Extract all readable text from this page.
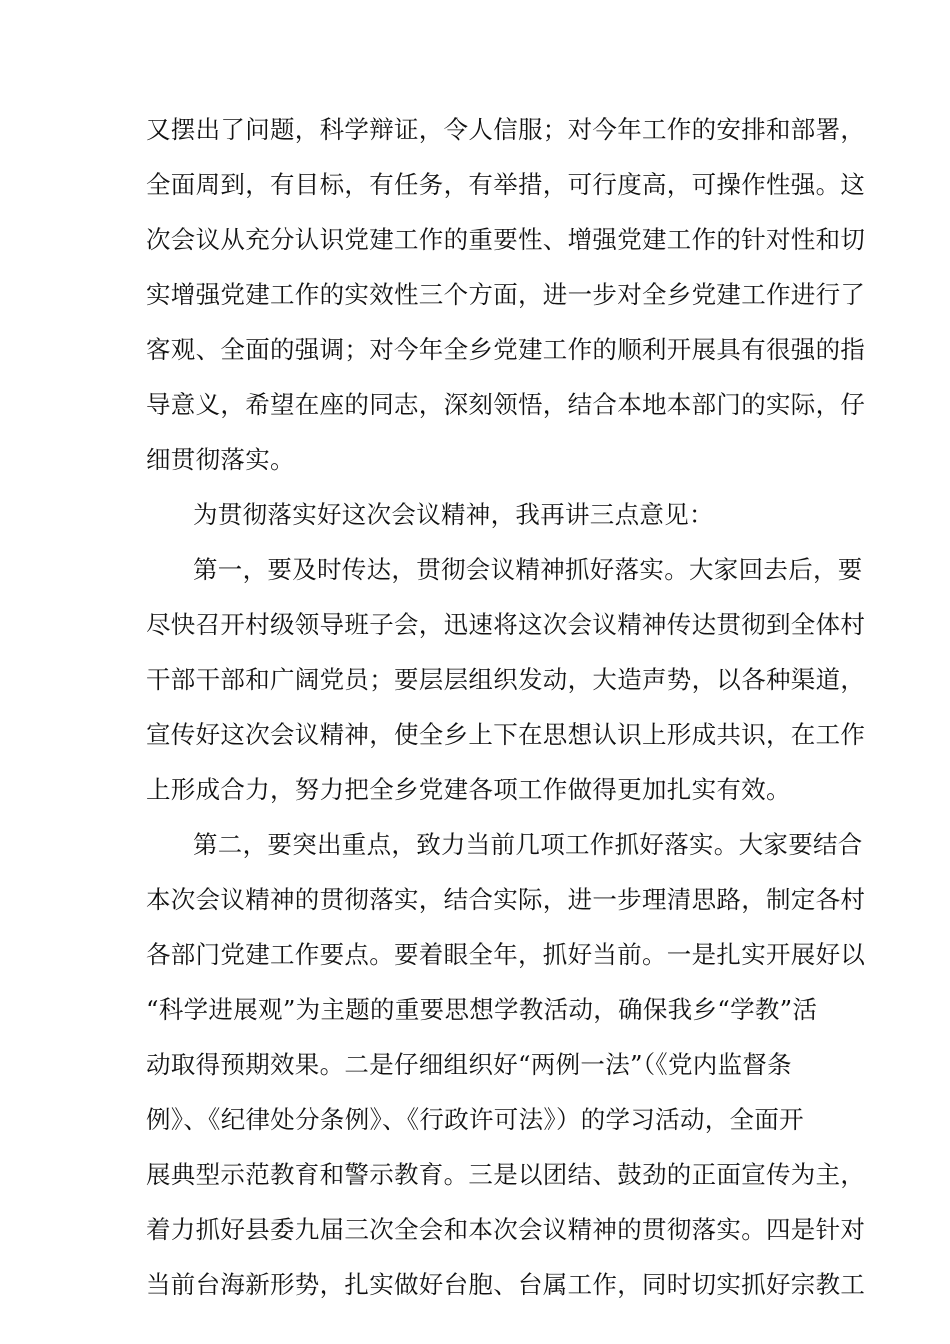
又摆出了问题，科学辩证，令人信服；对今年工作的安排和部署，
全面周到，有目标，有任务，有举措，可行度高，可操作性强。这
次会议从充分认识党建工作的重要性、增强党建工作的针对性和切
实增强党建工作的实效性三个方面，进一步对全乡党建工作进行了
客观、全面的强调；对今年全乡党建工作的顺利开展具有很强的指
导意义，希望在座的同志，深刻领悟，结合本地本部门的实际，仔
细贯彻落实。
为贯彻落实好这次会议精神，我再讲三点意见：
第一，要及时传达，贯彻会议精神抓好落实。大家回去后，要
尽快召开村级领导班子会，迅速将这次会议精神传达贯彻到全体村
干部干部和广阔党员；要层层组织发动，大造声势，以各种渠道，
宣传好这次会议精神，使全乡上下在思想认识上形成共识，在工作
上形成合力，努力把全乡党建各项工作做得更加扎实有效。
第二，要突出重点，致力当前几项工作抓好落实。大家要结合
本次会议精神的贯彻落实，结合实际，进一步理清思路，制定各村
各部门党建工作要点。要着眼全年，抓好当前。一是扎实开展好以
“科学进展观”为主题的重要思想学教活动，确保我乡“学教”活
动取得预期效果。二是仔细组织好“两例一法”（《党内监督条
例》、《纪律处分条例》、《行政许可法》）的学习活动，全面开
展典型示范教育和警示教育。三是以团结、鼓劲的正面宣传为主，
着力抓好县委九届三次全会和本次会议精神的贯彻落实。四是针对
当前台海新形势，扎实做好台胞、台属工作，同时切实抓好宗教工
